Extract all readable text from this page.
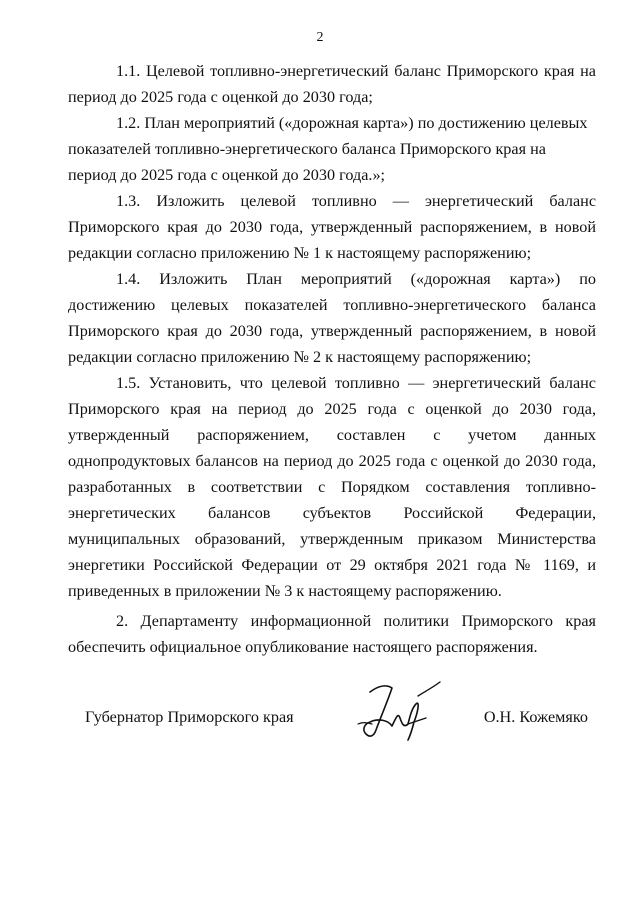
2

1.1. Целевой топливно-энергетический баланс Приморского края на период до 2025 года с оценкой до 2030 года;

1.2. План мероприятий («дорожная карта») по достижению целевых показателей топливно-энергетического баланса Приморского края на период до 2025 года с оценкой до 2030 года.»;

1.3. Изложить целевой топливно — энергетический баланс Приморского края до 2030 года, утвержденный распоряжением, в новой редакции согласно приложению № 1 к настоящему распоряжению;

1.4. Изложить План мероприятий («дорожная карта») по достижению целевых показателей топливно-энергетического баланса Приморского края до 2030 года, утвержденный распоряжением, в новой редакции согласно приложению № 2 к настоящему распоряжению;

1.5. Установить, что целевой топливно — энергетический баланс Приморского края на период до 2025 года с оценкой до 2030 года, утвержденный распоряжением, составлен с учетом данных однопродуктовых балансов на период до 2025 года с оценкой до 2030 года, разработанных в соответствии с Порядком составления топливно-энергетических балансов субъектов Российской Федерации, муниципальных образований, утвержденным приказом Министерства энергетики Российской Федерации от 29 октября 2021 года № 1169, и приведенных в приложении № 3 к настоящему распоряжению.

2. Департаменту информационной политики Приморского края обеспечить официальное опубликование настоящего распоряжения.

Губернатор Приморского края	О.Н. Кожемяко
